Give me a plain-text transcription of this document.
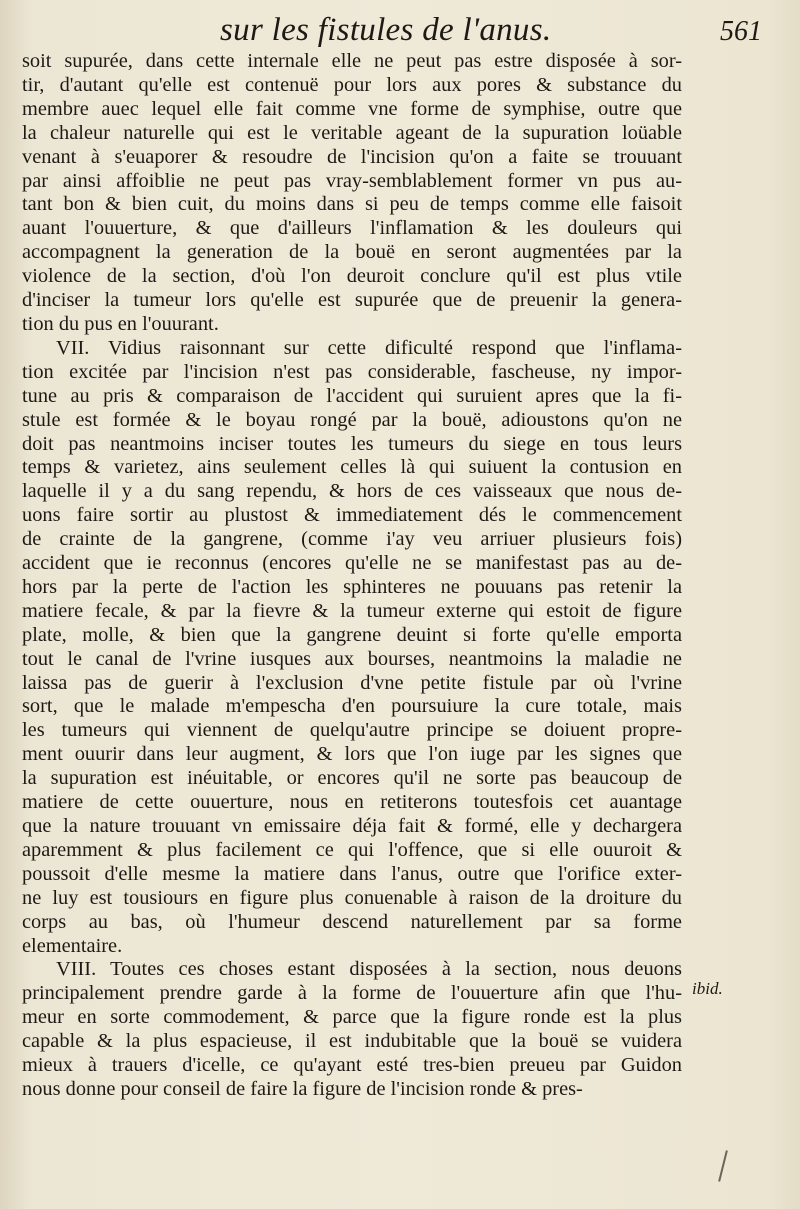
sur les fistules de l'anus.	561
soit supurée, dans cette internale elle ne peut pas estre disposée à sor-
tir, d'autant qu'elle est contenuë pour lors aux pores & substance du
membre auec lequel elle fait comme vne forme de symphise, outre que
la chaleur naturelle qui est le veritable ageant de la supuration loüable
venant à s'euaporer & resoudre de l'incision qu'on a faite se trouuant
par ainsi affoiblie ne peut pas vray-semblablement former vn pus au-
tant bon & bien cuit, du moins dans si peu de temps comme elle faisoit
auant l'ouuerture, & que d'ailleurs l'inflamation & les douleurs qui
accompagnent la generation de la bouë en seront augmentées par la
violence de la section, d'où l'on deuroit conclure qu'il est plus vtile
d'inciser la tumeur lors qu'elle est supurée que de preuenir la genera-
tion du pus en l'ouurant.
VII. Vidius raisonnant sur cette dificulté respond que l'inflama-
tion excitée par l'incision n'est pas considerable, fascheuse, ny impor-
tune au pris & comparaison de l'accident qui suruient apres que la fi-
stule est formée & le boyau rongé par la bouë, adioustons qu'on ne
doit pas neantmoins inciser toutes les tumeurs du siege en tous leurs
temps & varietez, ains seulement celles là qui suiuent la contusion en
laquelle il y a du sang rependu, & hors de ces vaisseaux que nous de-
uons faire sortir au plustost & immediatement dés le commencement
de crainte de la gangrene, (comme i'ay veu arriuer plusieurs fois)
accident que ie reconnus (encores qu'elle ne se manifestast pas au de-
hors par la perte de l'action les sphinteres ne pouuans pas retenir la
matiere fecale, & par la fievre & la tumeur externe qui estoit de figure
plate, molle, & bien que la gangrene deuint si forte qu'elle emporta
tout le canal de l'vrine iusques aux bourses, neantmoins la maladie ne
laissa pas de guerir à l'exclusion d'vne petite fistule par où l'vrine
sort, que le malade m'empescha d'en poursuiure la cure totale, mais
les tumeurs qui viennent de quelqu'autre principe se doiuent propre-
ment ouurir dans leur augment, & lors que l'on iuge par les signes que
la supuration est inéuitable, or encores qu'il ne sorte pas beaucoup de
matiere de cette ouuerture, nous en retiterons toutesfois cet auantage
que la nature trouuant vn emissaire déja fait & formé, elle y dechargera
aparemment & plus facilement ce qui l'offence, que si elle ouuroit &
poussoit d'elle mesme la matiere dans l'anus, outre que l'orifice exter-
ne luy est tousiours en figure plus conuenable à raison de la droiture du
corps au bas, où l'humeur descend naturellement par sa forme
elementaire.
VIII. Toutes ces choses estant disposées à la section, nous deuons
principalement prendre garde à la forme de l'ouuerture afin que l'hu-
meur en sorte commodement, & parce que la figure ronde est la plus
capable & la plus espacieuse, il est indubitable que la bouë se vuidera
mieux à trauers d'icelle, ce qu'ayant esté tres-bien preueu par Guidon
nous donne pour conseil de faire la figure de l'incision ronde & pres-
ibid.
